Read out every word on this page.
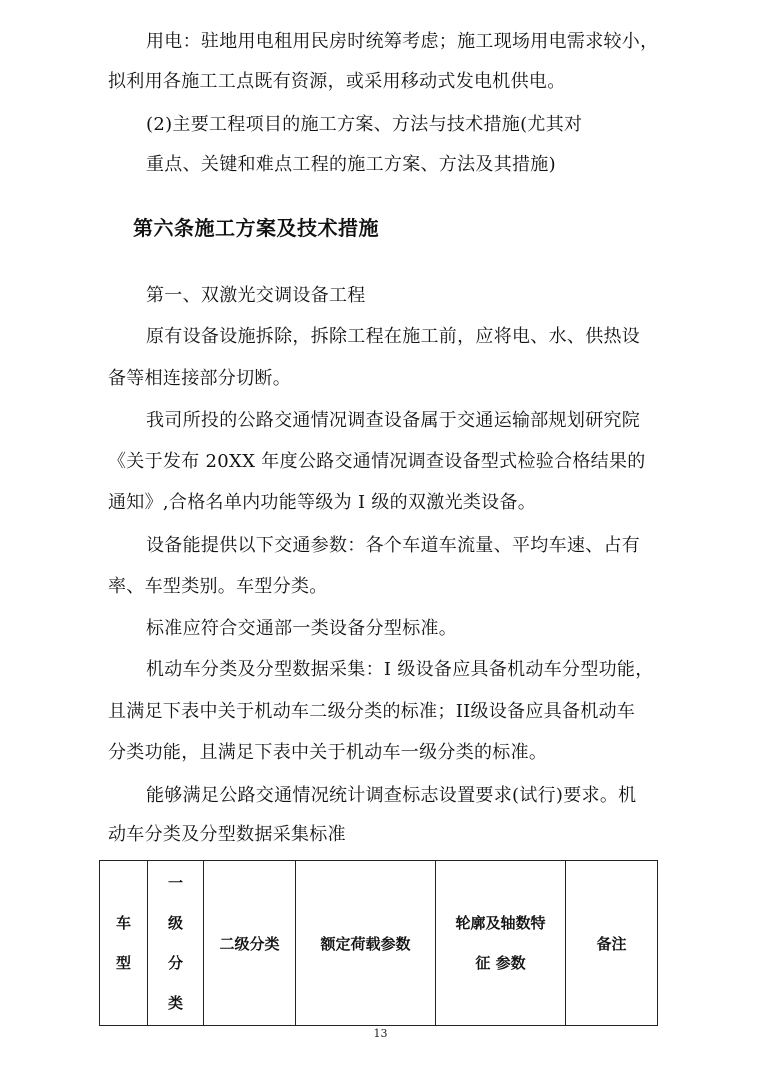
用电：驻地用电租用民房时统筹考虑；施工现场用电需求较小，
拟利用各施工工点既有资源，或采用移动式发电机供电。
(2)主要工程项目的施工方案、方法与技术措施(尤其对
重点、关键和难点工程的施工方案、方法及其措施)
第六条施工方案及技术措施
第一、双激光交调设备工程
原有设备设施拆除，拆除工程在施工前，应将电、水、供热设
备等相连接部分切断。
我司所投的公路交通情况调查设备属于交通运输部规划研究院
《关于发布 20XX 年度公路交通情况调查设备型式检验合格结果的
通知》,合格名单内功能等级为 I 级的双激光类设备。
设备能提供以下交通参数：各个车道车流量、平均车速、占有
率、车型类别。车型分类。
标准应符合交通部一类设备分型标准。
机动车分类及分型数据采集：I 级设备应具备机动车分型功能，
且满足下表中关于机动车二级分类的标准；II级设备应具备机动车
分类功能，且满足下表中关于机动车一级分类的标准。
能够满足公路交通情况统计调查标志设置要求(试行)要求。机
动车分类及分型数据采集标准
车型	一级分类	二级分类	额定荷载参数	轮廓及轴数特征 参数	备注
13
